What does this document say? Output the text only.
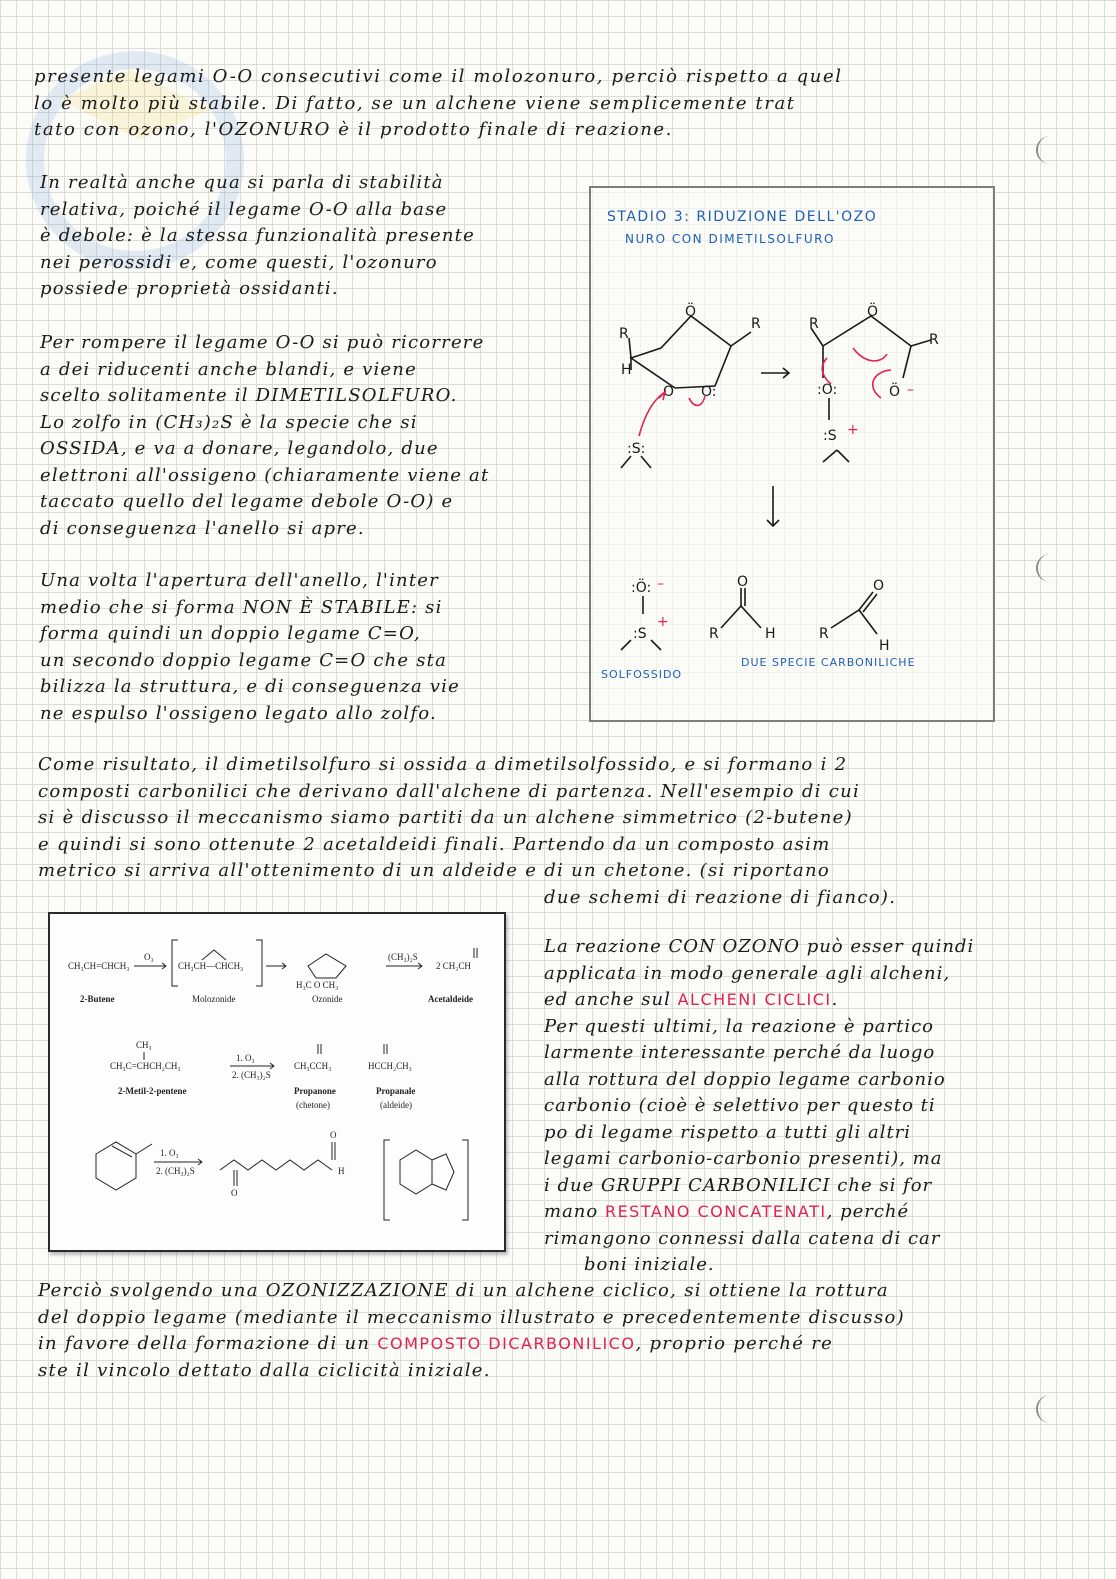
presente legami O-O consecutivi come il molozonuro, perciò rispetto a quel
lo è molto più stabile. Di fatto, se un alchene viene semplicemente trat
tato con ozono, l'OZONURO è il prodotto finale di reazione.
In realtà anche qua si parla di stabilità
relativa, poiché il legame O-O alla base
è debole: è la stessa funzionalità presente
nei perossidi e, come questi, l'ozonuro
possiede proprietà ossidanti.
Per rompere il legame O-O si può ricorrere
a dei riducenti anche blandi, e viene
scelto solitamente il DIMETILSOLFURO.
Lo zolfo in (CH₃)₂S è la specie che si
OSSIDA, e va a donare, legandolo, due
elettroni all'ossigeno (chiaramente viene at
taccato quello del legame debole O-O) e
di conseguenza l'anello si apre.
Una volta l'apertura dell'anello, l'inter
medio che si forma NON È STABILE: si
forma quindi un doppio legame C=O,
un secondo doppio legame C=O che sta
bilizza la struttura, e di conseguenza vie
ne espulso l'ossigeno legato allo zolfo.
STADIO 3: RIDUZIONE DELL'OZO
NURO CON DIMETILSOLFURO
R
H
R
Ö
O O:
:S:
R
Ö
R
:O:
:S
Ö
:Ö:
:S
O
R	H
O
R
H
+
–
–
+
SOLFOSSIDO
DUE SPECIE CARBONILICHE
Come risultato, il dimetilsolfuro si ossida a dimetilsolfossido, e si formano i 2
composti carbonilici che derivano dall'alchene di partenza. Nell'esempio di cui
si è discusso il meccanismo siamo partiti da un alchene simmetrico (2-butene)
e quindi si sono ottenute 2 acetaldeidi finali. Partendo da un composto asim
metrico si arriva all'ottenimento di un aldeide e di un chetone. (si riportano
due schemi di reazione di fianco).
CH₃CH=CHCH₃
O₃
CH₃CH—CHCH₃
H₃C O CH₃
(CH₃)₂S
2 CH₃CH
2-Butene	Molozonide	Ozonide	Acetaldeide
CH₃
CH₃C=CHCH₂CH₃
1. O₃
2. (CH₃)₂S
CH₃CCH₃	HCCH₂CH₃
2-Metil-2-pentene	Propanone
(chetone)
Propanale
(aldeide)
1. O₃
2. (CH₃)₂S	H
O
O
La reazione CON OZONO può esser quindi
applicata in modo generale agli alcheni,
ed anche sul ALCHENI CICLICI.
Per questi ultimi, la reazione è partico
larmente interessante perché da luogo
alla rottura del doppio legame carbonio
carbonio (cioè è selettivo per questo ti
po di legame rispetto a tutti gli altri
legami carbonio-carbonio presenti), ma
i due GRUPPI CARBONILICI che si for
mano RESTANO CONCATENATI, perché
rimangono connessi dalla catena di car
boni iniziale.
Perciò svolgendo una OZONIZZAZIONE di un alchene ciclico, si ottiene la rottura
del doppio legame (mediante il meccanismo illustrato e precedentemente discusso)
in favore della formazione di un COMPOSTO DICARBONILICO, proprio perché re
ste il vincolo dettato dalla ciclicità iniziale.
